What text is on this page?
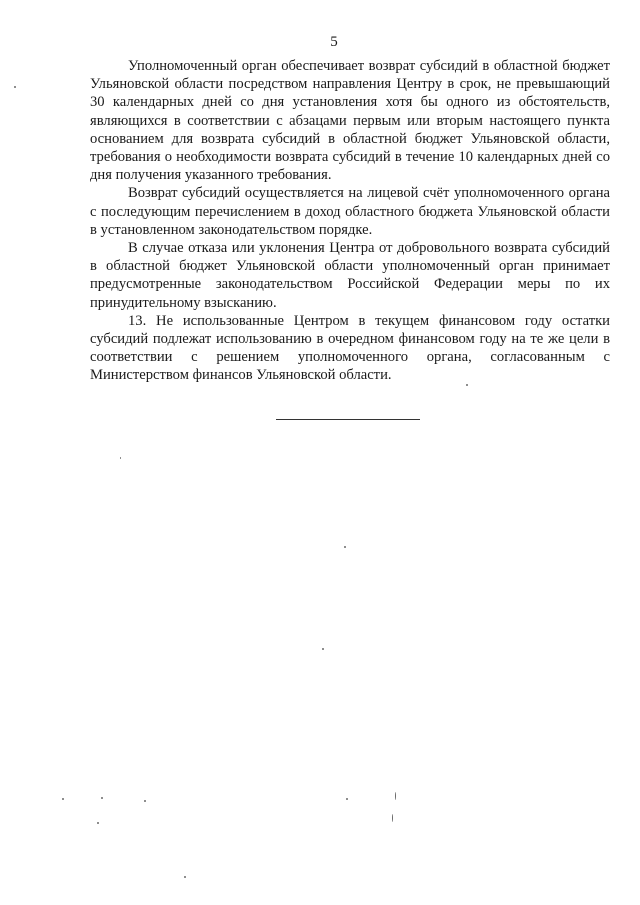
5

Уполномоченный орган обеспечивает возврат субсидий в областной бюджет Ульяновской области посредством направления Центру в срок, не превышающий 30 календарных дней со дня установления хотя бы одного из обстоятельств, являющихся в соответствии с абзацами первым или вторым настоящего пункта основанием для возврата субсидий в областной бюджет Ульяновской области, требования о необходимости возврата субсидий в течение 10 календарных дней со дня получения указанного требования.

Возврат субсидий осуществляется на лицевой счёт уполномоченного органа с последующим перечислением в доход областного бюджета Ульяновской области в установленном законодательством порядке.

В случае отказа или уклонения Центра от добровольного возврата субсидий в областной бюджет Ульяновской области уполномоченный орган принимает предусмотренные законодательством Российской Федерации меры по их принудительному взысканию.

13. Не использованные Центром в текущем финансовом году остатки субсидий подлежат использованию в очередном финансовом году на те же цели в соответствии с решением уполномоченного органа, согласованным с Министерством финансов Ульяновской области.
